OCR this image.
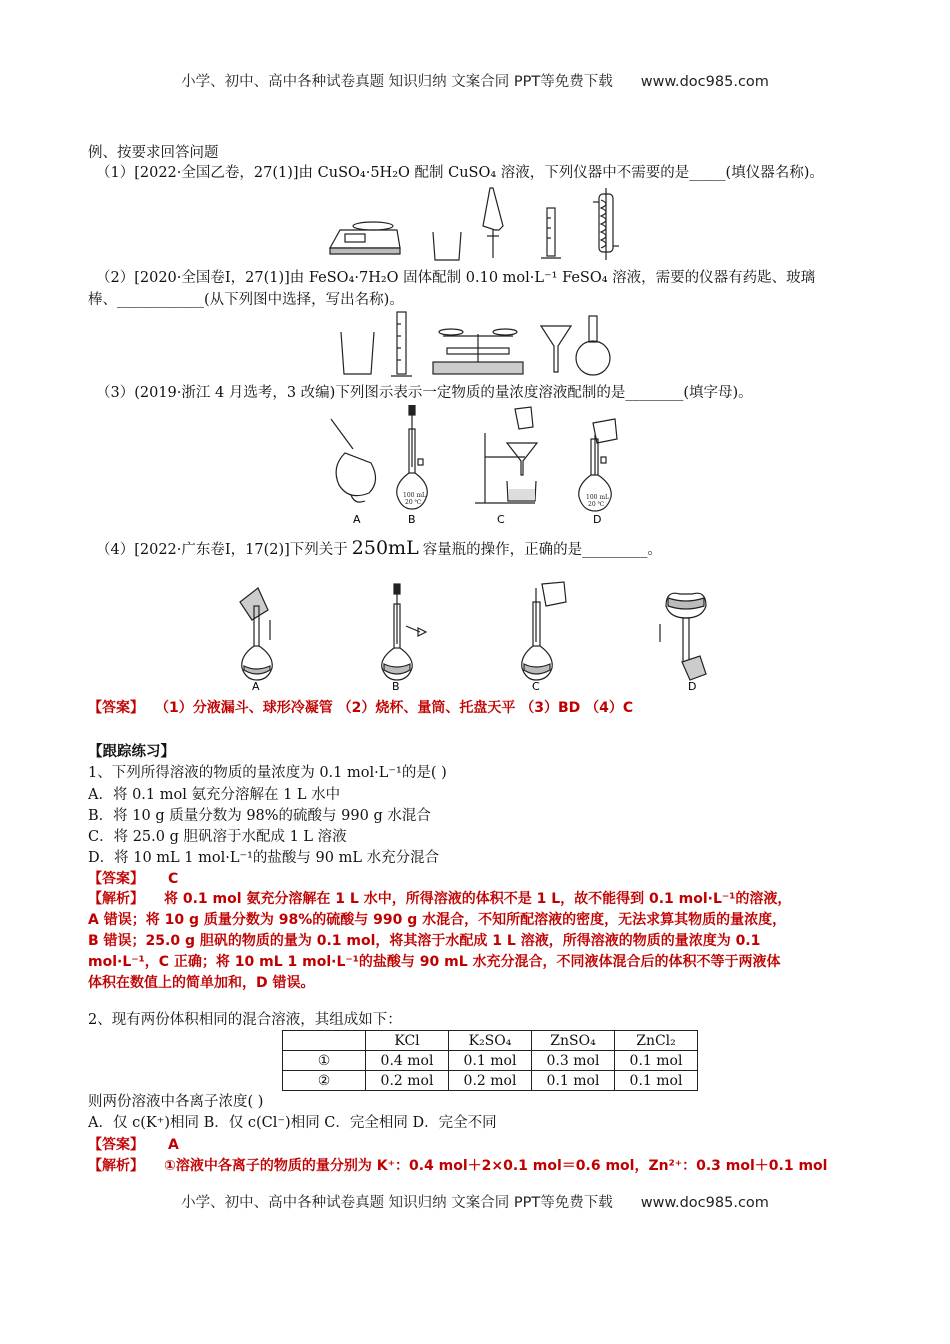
小学、初中、高中各种试卷真题 知识归纳 文案合同 PPT等免费下载 www.doc985.com
例、按要求回答问题
（1）[2022·全国乙卷，27(1)]由 CuSO₄·5H₂O 配制 CuSO₄ 溶液，下列仪器中不需要的是_____(填仪器名称)。
（2）[2020·全国卷Ⅰ，27(1)]由 FeSO₄·7H₂O 固体配制 0.10 mol·L⁻¹ FeSO₄ 溶液，需要的仪器有药匙、玻璃
棒、____________(从下列图中选择，写出名称)。
（3）(2019·浙江 4 月选考，3 改编)下列图示表示一定物质的量浓度溶液配制的是________(填字母)。
A
100 mL
20 ℃
B	C
100 mL
20 ℃
D
（4）[2022·广东卷Ⅰ，17(2)]下列关于 250mL 容量瓶的操作，正确的是_________。
A	B	C	D
【答案】 （1）分液漏斗、球形冷凝管 （2）烧杯、量筒、托盘天平 （3）BD （4）C
【跟踪练习】
1、下列所得溶液的物质的量浓度为 0.1 mol·L⁻¹的是( )
A．将 0.1 mol 氨充分溶解在 1 L 水中
B．将 10 g 质量分数为 98%的硫酸与 990 g 水混合
C．将 25.0 g 胆矾溶于水配成 1 L 溶液
D．将 10 mL 1 mol·L⁻¹的盐酸与 90 mL 水充分混合
【答案】 C
【解析】 将 0.1 mol 氨充分溶解在 1 L 水中，所得溶液的体积不是 1 L，故不能得到 0.1 mol·L⁻¹的溶液，
A 错误；将 10 g 质量分数为 98%的硫酸与 990 g 水混合，不知所配溶液的密度，无法求算其物质的量浓度，
B 错误；25.0 g 胆矾的物质的量为 0.1 mol，将其溶于水配成 1 L 溶液，所得溶液的物质的量浓度为 0.1
mol·L⁻¹，C 正确；将 10 mL 1 mol·L⁻¹的盐酸与 90 mL 水充分混合，不同液体混合后的体积不等于两液体
体积在数值上的简单加和，D 错误。
2、现有两份体积相同的混合溶液，其组成如下：
	KCl	K₂SO₄	ZnSO₄	ZnCl₂
①	0.4 mol	0.1 mol	0.3 mol	0.1 mol
②	0.2 mol	0.2 mol	0.1 mol	0.1 mol
则两份溶液中各离子浓度( )
A．仅 c(K⁺)相同 B．仅 c(Cl⁻)相同 C．完全相同 D．完全不同
【答案】 A
【解析】 ①溶液中各离子的物质的量分别为 K⁺：0.4 mol＋2×0.1 mol＝0.6 mol，Zn²⁺：0.3 mol＋0.1 mol
小学、初中、高中各种试卷真题 知识归纳 文案合同 PPT等免费下载 www.doc985.com
